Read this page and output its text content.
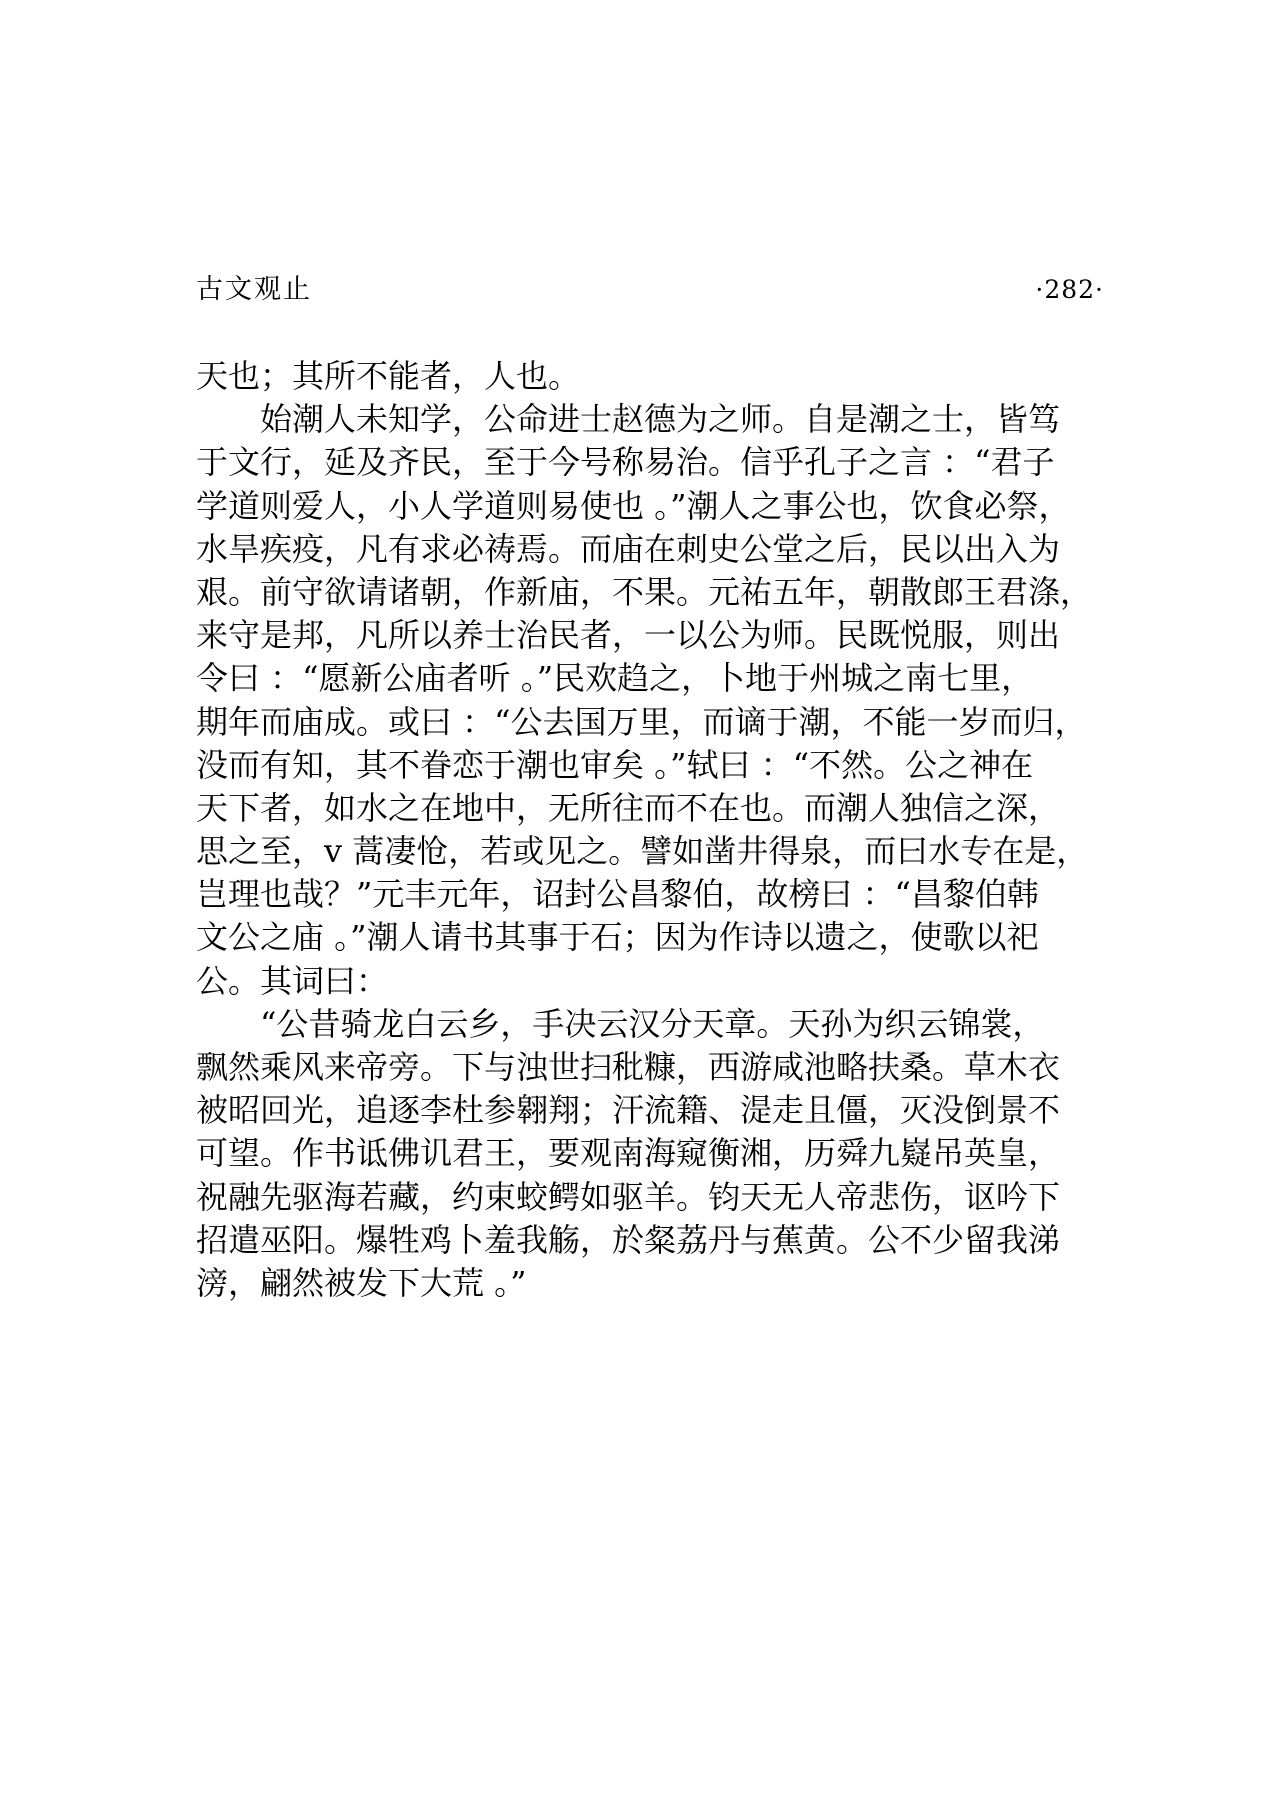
古文观止	·282·
天也；其所不能者，人也。
始潮人未知学，公命进士赵德为之师。自是潮之士，皆笃
于文行，延及齐民，至于今号称易治。信乎孔子之言 ：“君子
学道则爱人，小人学道则易使也 。”潮人之事公也，饮食必祭，
水旱疾疫，凡有求必祷焉。而庙在刺史公堂之后，民以出入为
艰。前守欲请诸朝，作新庙，不果。元祐五年，朝散郎王君涤，
来守是邦，凡所以养士治民者，一以公为师。民既悦服，则出
令曰 ：“愿新公庙者听 。”民欢趋之，卜地于州城之南七里，
期年而庙成。或曰 ：“公去国万里，而谪于潮，不能一岁而归，
没而有知，其不眷恋于潮也审矣 。”轼曰 ：“不然。公之神在
天下者，如水之在地中，无所往而不在也。而潮人独信之深，
思之至，v 蒿凄怆，若或见之。譬如凿井得泉，而曰水专在是，
岂理也哉？”元丰元年，诏封公昌黎伯，故榜曰 ：“昌黎伯韩
文公之庙 。”潮人请书其事于石；因为作诗以遗之，使歌以祀
公。其词曰：
“公昔骑龙白云乡，手决云汉分天章。天孙为织云锦裳，
飘然乘风来帝旁。下与浊世扫秕糠，西游咸池略扶桑。草木衣
被昭回光，追逐李杜参翱翔；汗流籍、湜走且僵，灭没倒景不
可望。作书诋佛讥君王，要观南海窥衡湘，历舜九嶷吊英皇，
祝融先驱海若藏，约束蛟鳄如驱羊。钧天无人帝悲伤，讴吟下
招遣巫阳。爆牲鸡卜羞我觞，於粲荔丹与蕉黄。公不少留我涕
滂，翩然被发下大荒 。”
